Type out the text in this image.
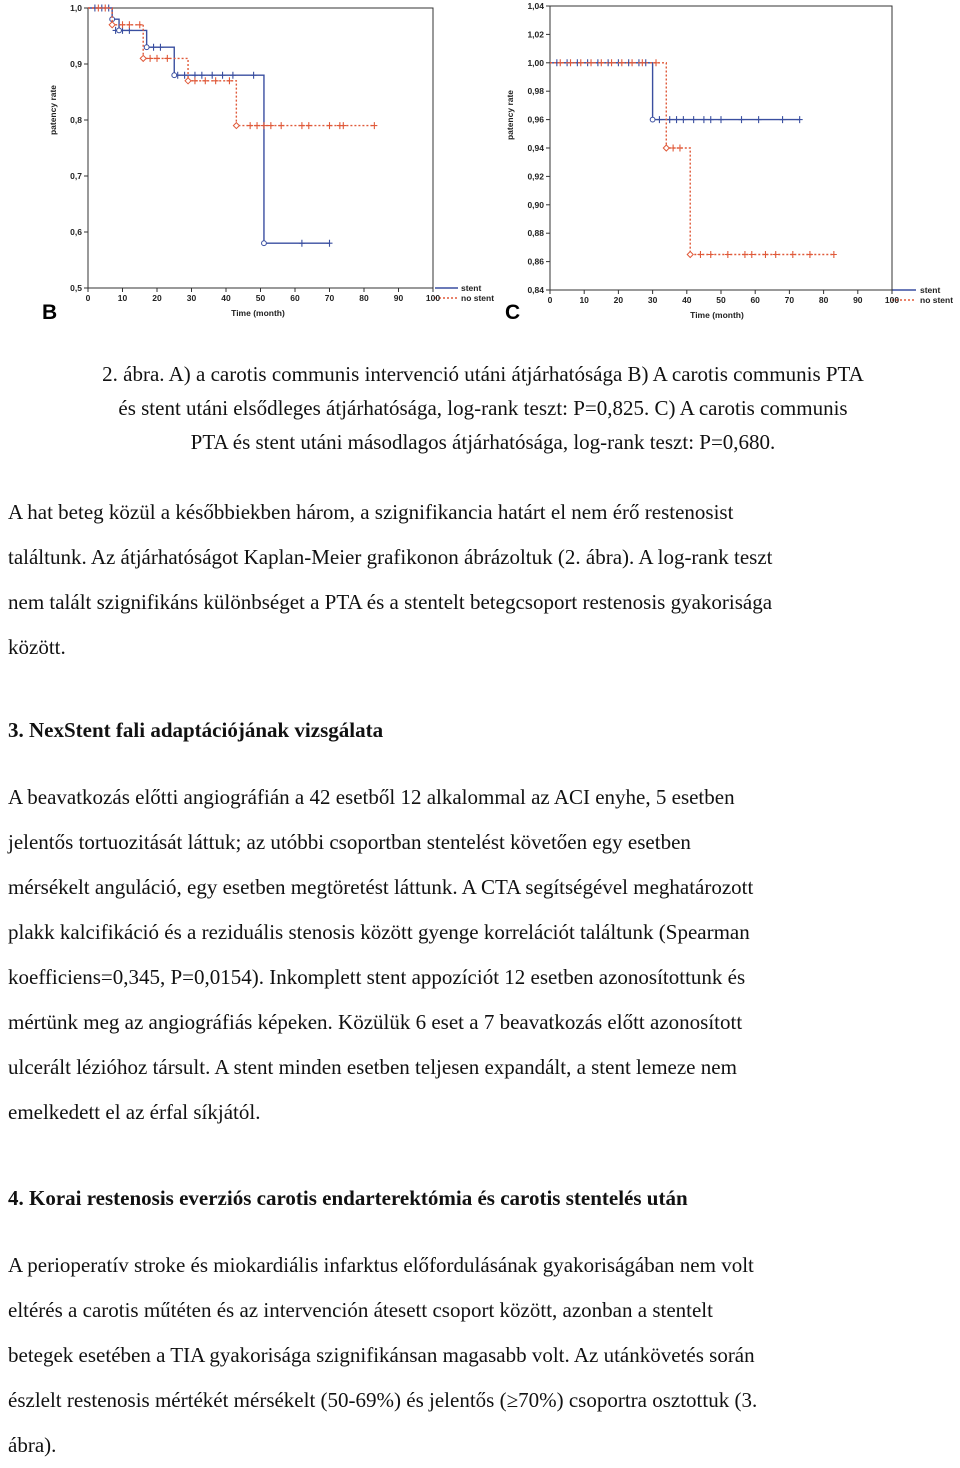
B
patency rate
Time (month)
stent
no stent
0,5
0,6
0,7
0,8
0,9
1,0
0	10	20	30	40	50	60	70	80	90	100
C
patency rate
Time (month)
stent
no stent
0,84
0,86
0,88
0,90
0,92
0,94
0,96
0,98
1,00
1,02
1,04
0	10	20	30	40	50	60	70	80	90	100
2. ábra. A) a carotis communis intervenció utáni átjárhatósága B) A carotis communis PTA
és stent utáni elsődleges átjárhatósága, log-rank teszt: P=0,825. C) A carotis communis
PTA és stent utáni másodlagos átjárhatósága, log-rank teszt: P=0,680.
A hat beteg közül a későbbiekben három, a szignifikancia határt el nem érő restenosist
találtunk. Az átjárhatóságot Kaplan-Meier grafikonon ábrázoltuk (2. ábra). A log-rank teszt
nem talált szignifikáns különbséget a PTA és a stentelt betegcsoport restenosis gyakorisága
között.
3. NexStent fali adaptációjának vizsgálata
A beavatkozás előtti angiográfián a 42 esetből 12 alkalommal az ACI enyhe, 5 esetben
jelentős tortuozitását láttuk; az utóbbi csoportban stentelést követően egy esetben
mérsékelt anguláció, egy esetben megtöretést láttunk. A CTA segítségével meghatározott
plakk kalcifikáció és a reziduális stenosis között gyenge korrelációt találtunk (Spearman
koefficiens=0,345, P=0,0154). Inkomplett stent appozíciót 12 esetben azonosítottunk és
mértünk meg az angiográfiás képeken. Közülük 6 eset a 7 beavatkozás előtt azonosított
ulcerált lézióhoz társult. A stent minden esetben teljesen expandált, a stent lemeze nem
emelkedett el az érfal síkjától.
4. Korai restenosis everziós carotis endarterektómia és carotis stentelés után
A perioperatív stroke és miokardiális infarktus előfordulásának gyakoriságában nem volt
eltérés a carotis műtéten és az intervención átesett csoport között, azonban a stentelt
betegek esetében a TIA gyakorisága szignifikánsan magasabb volt. Az utánkövetés során
észlelt restenosis mértékét mérsékelt (50-69%) és jelentős (≥70%) csoportra osztottuk (3.
ábra).
